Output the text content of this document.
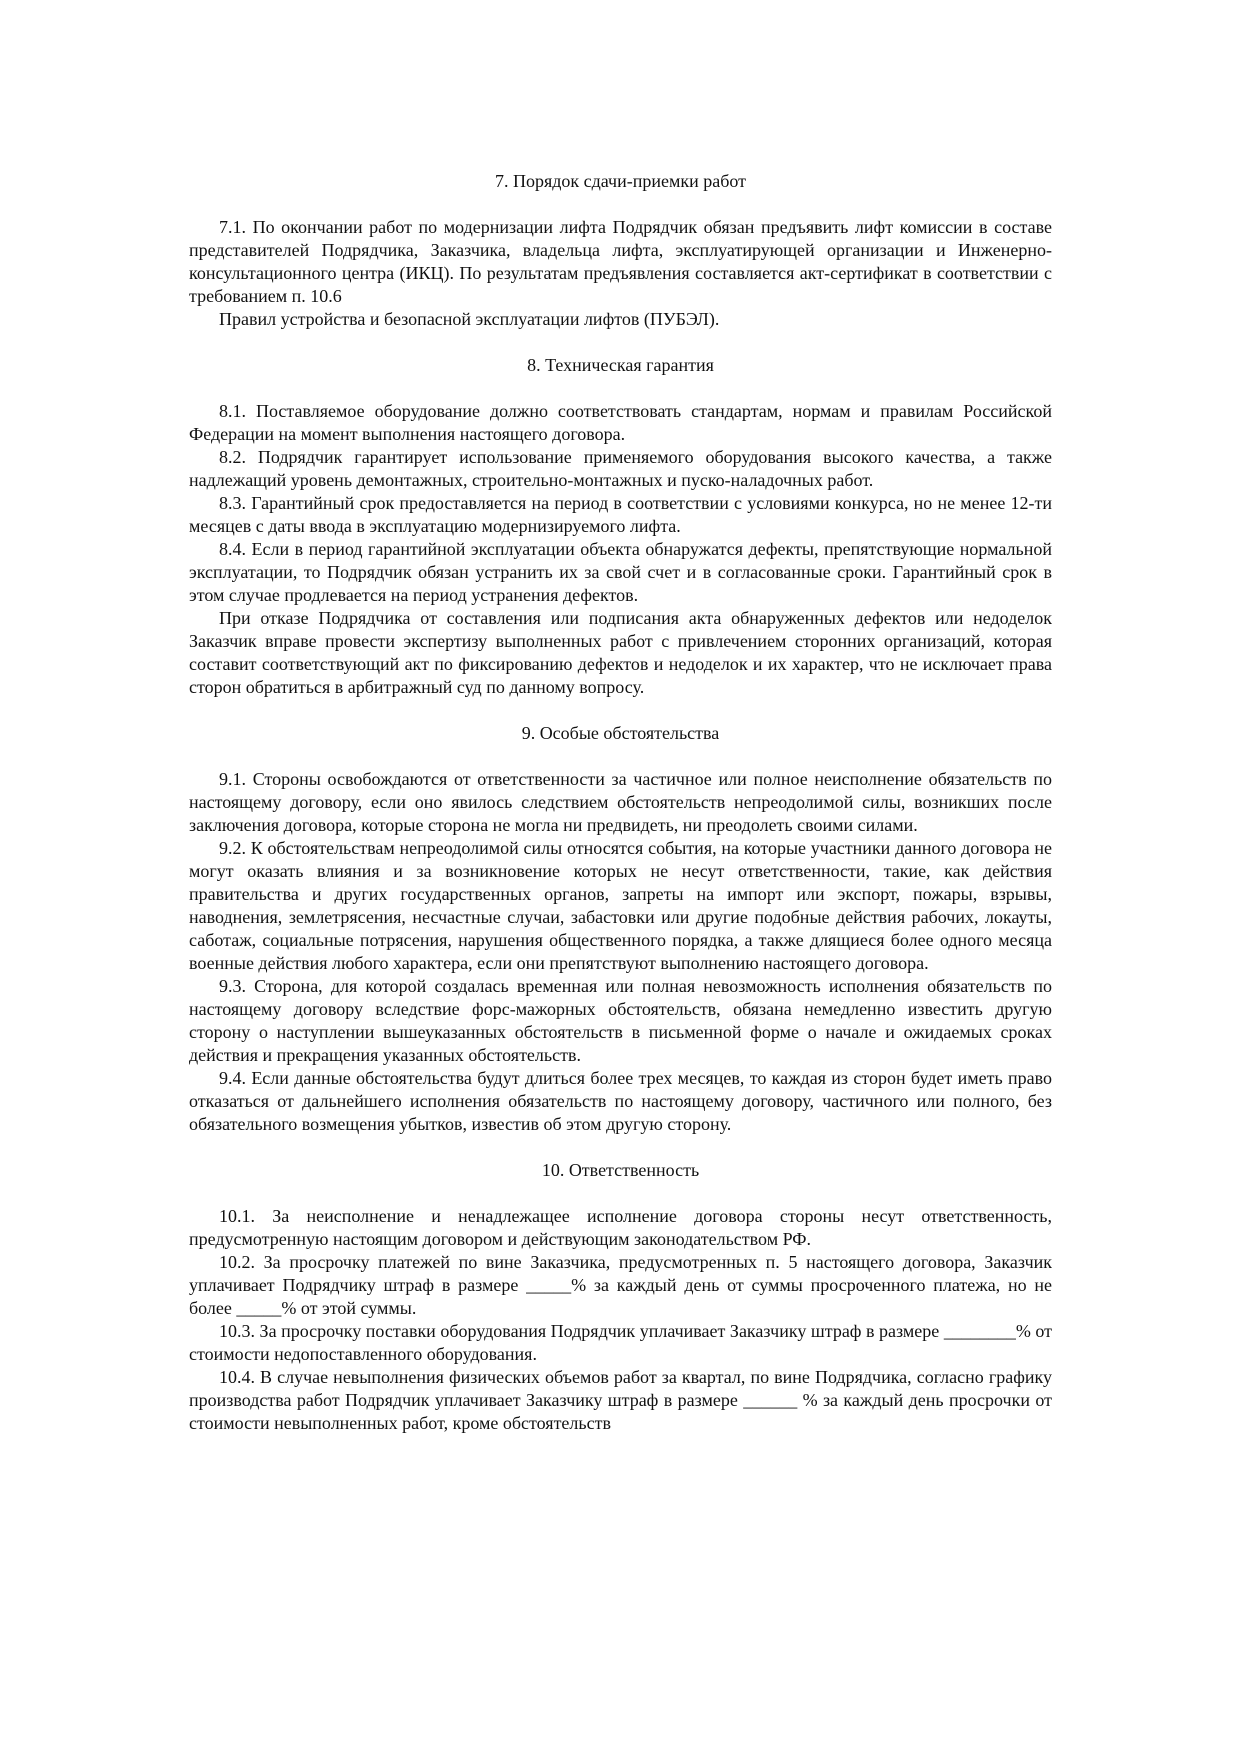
7. Порядок сдачи-приемки работ

7.1. По окончании работ по модернизации лифта Подрядчик обязан предъявить лифт комиссии в составе представителей Подрядчика, Заказчика, владельца лифта, эксплуатирующей организации и Инженерно-консультационного центра (ИКЦ). По результатам предъявления составляется акт-сертификат в соответствии с требованием п. 10.6

Правил устройства и безопасной эксплуатации лифтов (ПУБЭЛ).

8. Техническая гарантия

8.1. Поставляемое оборудование должно соответствовать стандартам, нормам и правилам Российской Федерации на момент выполнения настоящего договора.

8.2. Подрядчик гарантирует использование применяемого оборудования высокого качества, а также надлежащий уровень демонтажных, строительно-монтажных и пуско-наладочных работ.

8.3. Гарантийный срок предоставляется на период в соответствии с условиями конкурса, но не менее 12-ти месяцев с даты ввода в эксплуатацию модернизируемого лифта.

8.4. Если в период гарантийной эксплуатации объекта обнаружатся дефекты, препятствующие нормальной эксплуатации, то Подрядчик обязан устранить их за свой счет и в согласованные сроки. Гарантийный срок в этом случае продлевается на период устранения дефектов.

При отказе Подрядчика от составления или подписания акта обнаруженных дефектов или недоделок Заказчик вправе провести экспертизу выполненных работ с привлечением сторонних организаций, которая составит соответствующий акт по фиксированию дефектов и недоделок и их характер, что не исключает права сторон обратиться в арбитражный суд по данному вопросу.

9. Особые обстоятельства

9.1. Стороны освобождаются от ответственности за частичное или полное неисполнение обязательств по настоящему договору, если оно явилось следствием обстоятельств непреодолимой силы, возникших после заключения договора, которые сторона не могла ни предвидеть, ни преодолеть своими силами.

9.2. К обстоятельствам непреодолимой силы относятся события, на которые участники данного договора не могут оказать влияния и за возникновение которых не несут ответственности, такие, как действия правительства и других государственных органов, запреты на импорт или экспорт, пожары, взрывы, наводнения, землетрясения, несчастные случаи, забастовки или другие подобные действия рабочих, локауты, саботаж, социальные потрясения, нарушения общественного порядка, а также длящиеся более одного месяца военные действия любого характера, если они препятствуют выполнению настоящего договора.

9.3. Сторона, для которой создалась временная или полная невозможность исполнения обязательств по настоящему договору вследствие форс-мажорных обстоятельств, обязана немедленно известить другую сторону о наступлении вышеуказанных обстоятельств в письменной форме о начале и ожидаемых сроках действия и прекращения указанных обстоятельств.

9.4. Если данные обстоятельства будут длиться более трех месяцев, то каждая из сторон будет иметь право отказаться от дальнейшего исполнения обязательств по настоящему договору, частичного или полного, без обязательного возмещения убытков, известив об этом другую сторону.

10. Ответственность

10.1. За неисполнение и ненадлежащее исполнение договора стороны несут ответственность, предусмотренную настоящим договором и действующим законодательством РФ.

10.2. За просрочку платежей по вине Заказчика, предусмотренных п. 5 настоящего договора, Заказчик уплачивает Подрядчику штраф в размере _____% за каждый день от суммы просроченного платежа, но не более _____% от этой суммы.

10.3. За просрочку поставки оборудования Подрядчик уплачивает Заказчику штраф в размере ________% от стоимости недопоставленного оборудования.

10.4. В случае невыполнения физических объемов работ за квартал, по вине Подрядчика, согласно графику производства работ Подрядчик уплачивает Заказчику штраф в размере ______ % за каждый день просрочки от стоимости невыполненных работ, кроме обстоятельств
